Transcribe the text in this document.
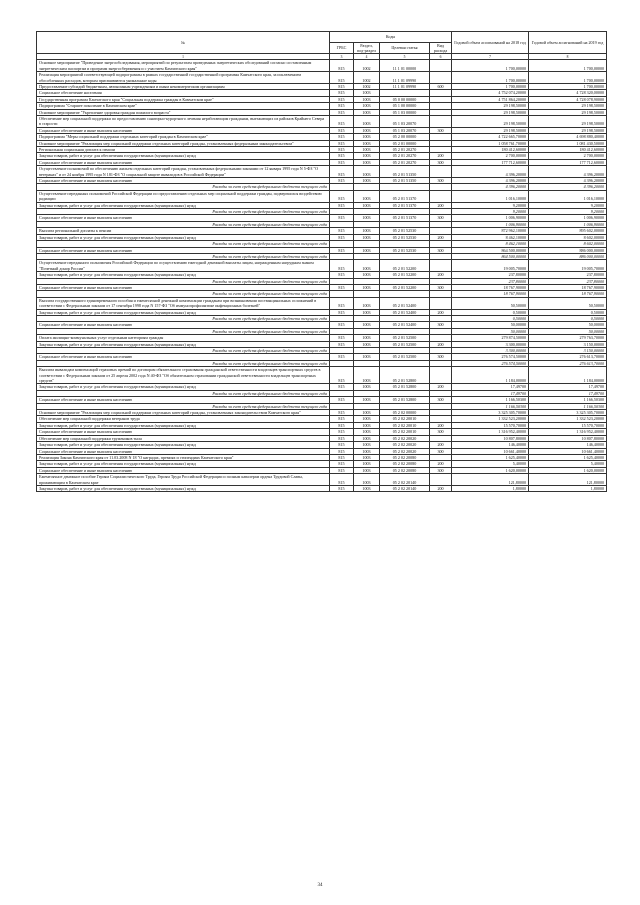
№	Коды				Годовой объем ассигнований на 2018 год	Годовой объем ассигнований на 2019 год
	ГРБС	Раздел, под-раздел	Целевая статья	Вид расхода		
1	3	4	5	6	7	8
Основное мероприятие "Проведение энергообследования, мероприятий по результатам проведенных энергетических обследований согласно составленным энергетическим паспортам и программ энергосбережения и с участием Камчатского края"	815	1002	11 1 01 00000		1 700,00000	1 700,00000
Реализация мероприятий соответствующей подпрограммы в рамках государственной государственной программы Камчатского края, за исключением обособленных расходов, которым присваиваются уникальные коды	815	1002	11 1 01 09990		1 700,00000	1 700,00000
Предоставление субсидий бюджетным, автономным учреждениям и иным некоммерческим организациям	815	1002	11 1 01 09990	600	1 700,00000	1 700,00000
Социальное обеспечение населения	815	1003			4 752 074,20000	4 728 320,00000
Государственная программа Камчатского края "Социальная поддержка граждан в Камчатском крае"	815	1003	05 0 00 00000		4 751 864,20000	4 728 078,90000
Подпрограмма "Старшее поколение в Камчатском крае"	815	1003	05 1 00 00000		29 198,50000	29 198,50000
Основное мероприятие "Укрепление здоровья граждан пожилого возраста"	815	1003	05 1 03 00000		29 198,50000	29 198,50000
Обеспечение мер социальной поддержки по предоставлению санаторно-курортного лечения неработающим гражданам, выезжающих из районов Крайнего Севера в старости	815	1003	05 1 03 20070		29 198,50000	29 198,50000
Социальное обеспечение и иные выплаты населению	815	1003	05 1 03 20070	300	29 198,50000	29 198,50000
Подпрограмма "Меры социальной поддержки отдельных категорий граждан в Камчатском крае"	815	1003	05 2 00 00000		4 722 665,70000	4 698 880,40000
Основное мероприятие "Реализация мер социальной поддержки отдельных категорий граждан, установленных федеральным законодательством"	815	1003	05 2 01 00000		1 058 761,70000	1 081 430,50000
Региональная социальная доплата к пенсии	815	1003	05 2 01 20270		180 412,60000	180 412,60000
Закупка товаров, работ и услуг для обеспечения государственных (муниципальных) нужд	815	1003	05 2 01 20270	200	2 700,00000	2 700,00000
Социальное обеспечение и иные выплаты населению	815	1003	05 2 01 20270	300	177 712,60000	177 712,60000
Осуществление полномочий по обеспечению жильем отдельных категорий граждан, установленных федеральными законами от 12 января 1995 года N 5-ФЗ "О ветеранах" и от 24 ноября 1995 года N 181-ФЗ "О социальной защите инвалидов в Российской Федерации"	815	1003	05 2 01 51350		4 396,20000	4 396,20000
Социальное обеспечение и иные выплаты населению	815	1003	05 2 01 51350	300	4 396,20000	4 396,20000
Расходы за счет средств федерального бюджета текущего года					4 396,20000	4 396,20000
Осуществление переданных полномочий Российской Федерации по предоставлению отдельных мер социальной поддержки граждан, подвергшихся воздействию радиации	815	1003	05 2 01 51370		1 016,10000	1 016,10000
Закупка товаров, работ и услуг для обеспечения государственных (муниципальных) нужд	815	1003	05 2 01 51370	200	9,20000	9,20000
Расходы за счет средств федерального бюджета текущего года					9,20000	9,20000
Социальное обеспечение и иные выплаты населению	815	1003	05 2 01 51370	300	1 006,90000	1 006,90000
Расходы за счет средств федерального бюджета текущего года					1 006,90000	1 006,90000
Выплата региональной доплаты к пенсии	815	1003	05 2 01 52530		872 962,10000	895 602,00000
Закупка товаров, работ и услуг для обеспечения государственных (муниципальных) нужд	815	1003	05 2 01 52530	200	8 462,10000	8 602,00000
Расходы за счет средств федерального бюджета текущего года					8 462,10000	8 602,00000
Социальное обеспечение и иные выплаты населению	815	1003	05 2 01 52530	300	864 500,00000	886 000,00000
Расходы за счет средств федерального бюджета текущего года					864 500,00000	886 000,00000
Осуществление переданного полномочия Российской Федерации по осуществлению ежегодной денежной выплаты лицам, награжденным нагрудным знаком "Почетный донор России"	815	1003	05 2 01 52200		19 005,70000	19 005,70000
Закупка товаров, работ и услуг для обеспечения государственных (муниципальных) нужд	815	1003	05 2 01 52200	200	237,80000	237,80000
Расходы за счет средств федерального бюджета текущего года					237,80000	237,80000
Социальное обеспечение и иные выплаты населению	815	1003	05 2 01 52200	300	18 767,90000	18 767,90000
Расходы за счет средств федерального бюджета текущего года					18 767,90000	18 767,90000
Выплата государственного единовременного пособия и ежемесячной денежной компенсации гражданам при возникновении поствакцинальных осложнений в соответствии с Федеральным законом от 17 сентября 1998 года N 157-ФЗ "Об иммунопрофилактике инфекционных болезней"	815	1003	05 2 01 52400		50,50000	50,50000
Закупка товаров, работ и услуг для обеспечения государственных (муниципальных) нужд	815	1003	05 2 01 52400	200	0,50000	0,50000
Расходы за счет средств федерального бюджета текущего года					0,50000	0,50000
Социальное обеспечение и иные выплаты населению	815	1003	05 2 01 52400	300	50,00000	50,00000
Расходы за счет средств федерального бюджета текущего года					50,00000	50,00000
Оплата жилищно-коммунальных услуг отдельным категориям граждан	815	1003	05 2 01 52500		279 874,50000	279 763,70000
Закупка товаров, работ и услуг для обеспечения государственных (муниципальных) нужд	815	1003	05 2 01 52500	200	3 300,00000	3 150,00000
Расходы за счет средств федерального бюджета текущего года					3 300,00000	3 150,00000
Социальное обеспечение и иные выплаты населению	815	1003	05 2 01 52500	300	276 574,50000	276 613,70000
Расходы за счет средств федерального бюджета текущего года					276 574,50000	276 613,70000
Выплата инвалидам компенсаций страховых премий по договорам обязательного страхования гражданской ответственности владельцев транспортных средств в соответствии с Федеральным законом от 25 апреля 2002 года N 40-ФЗ "Об обязательном страховании гражданской ответственности владельцев транспортных средств"	815	1003	05 2 01 52800		1 184,00000	1 184,00000
Закупка товаров, работ и услуг для обеспечения государственных (муниципальных) нужд	815	1003	05 2 01 52800	200	17,49700	17,49700
Расходы за счет средств федерального бюджета текущего года					17,49700	17,49700
Социальное обеспечение и иные выплаты населению	815	1003	05 2 01 52800	300	1 166,50300	1 166,50300
Расходы за счет средств федерального бюджета текущего года					1 166,50300	1 166,50300
Основное мероприятие "Реализация мер социальной поддержки отдельных категорий граждан, установленных законодательством Камчатского края"	815	1003	05 2 02 00000		3 325 305,70000	3 325 305,70000
Обеспечение мер социальной поддержки ветеранов труда	815	1003	05 2 02 20010		1 332 523,20000	1 332 523,20000
Закупка товаров, работ и услуг для обеспечения государственных (муниципальных) нужд	815	1003	05 2 02 20010	200	15 570,70000	15 570,70000
Социальное обеспечение и иные выплаты населению	815	1003	05 2 02 20010	300	1 316 952,40000	1 316 952,40000
Обеспечение мер социальной поддержки тружеников тыла	815	1003	05 2 02 20020		10 807,80000	10 807,80000
Закупка товаров, работ и услуг для обеспечения государственных (муниципальных) нужд	815	1003	05 2 02 20020	200	146,40000	146,40000
Социальное обеспечение и иные выплаты населению	815	1003	05 2 02 20020	300	10 661,40000	10 661,40000
Реализация Закона Камчатского края от 11.03.2008 N 18 "О наградах, премиях и стипендиях Камчатского края"	815	1003	05 2 02 20080		1 625,40000	1 625,40000
Закупка товаров, работ и услуг для обеспечения государственных (муниципальных) нужд	815	1003	05 2 02 20080	200	5,40000	5,40000
Социальное обеспечение и иные выплаты населению	815	1003	05 2 02 20080	300	1 620,00000	1 620,00000
Ежемесячное денежное пособие Героям Социалистического Труда, Героям Труда Российской Федерации и полным кавалерам ордена Трудовой Славы, проживающим в Камчатском крае	815	1003	05 2 02 20140		121,80000	121,80000
Закупка товаров, работ и услуг для обеспечения государственных (муниципальных) нужд	815	1003	05 2 02 20140	200	1,80000	1,80000
34
